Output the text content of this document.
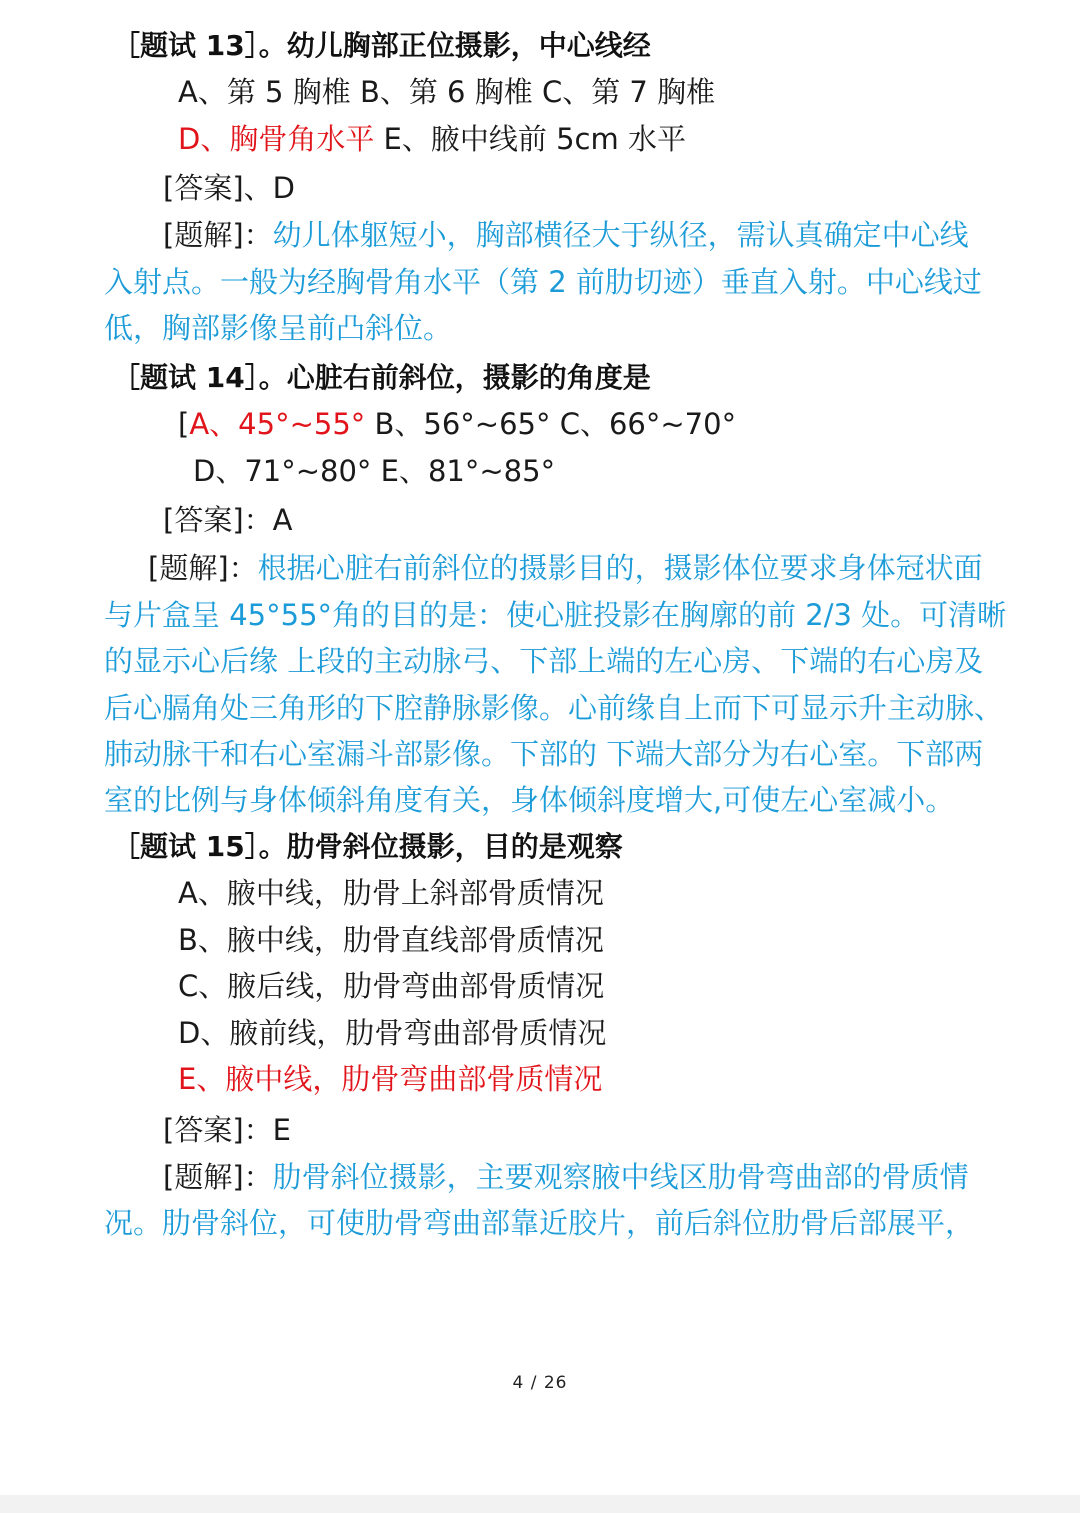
［题试 13］。幼儿胸部正位摄影，中心线经
A、第 5 胸椎 B、第 6 胸椎 C、第 7 胸椎
D、胸骨角水平 E、腋中线前 5cm 水平
[答案]、D
[题解]：幼儿体躯短小，胸部横径大于纵径，需认真确定中心线
入射点。一般为经胸骨角水平（第 2 前肋切迹）垂直入射。中心线过
低，胸部影像呈前凸斜位。
［题试 14］。心脏右前斜位，摄影的角度是
[A、45°~55° B、56°~65° C、66°~70°
D、71°~80° E、81°~85°
[答案]：A
[题解]：根据心脏右前斜位的摄影目的，摄影体位要求身体冠状面
与片盒呈 45°55°角的目的是：使心脏投影在胸廓的前 2/3 处。可清晰
的显示心后缘 上段的主动脉弓、下部上端的左心房、下端的右心房及
后心膈角处三角形的下腔静脉影像。心前缘自上而下可显示升主动脉、
肺动脉干和右心室漏斗部影像。下部的 下端大部分为右心室。下部两
室的比例与身体倾斜角度有关，身体倾斜度增大,可使左心室减小。
［题试 15］。肋骨斜位摄影，目的是观察
A、腋中线，肋骨上斜部骨质情况
B、腋中线，肋骨直线部骨质情况
C、腋后线，肋骨弯曲部骨质情况
D、腋前线，肋骨弯曲部骨质情况
E、腋中线，肋骨弯曲部骨质情况
[答案]：E
[题解]：肋骨斜位摄影，主要观察腋中线区肋骨弯曲部的骨质情
况。肋骨斜位，可使肋骨弯曲部靠近胶片，前后斜位肋骨后部展平，
4 / 26
